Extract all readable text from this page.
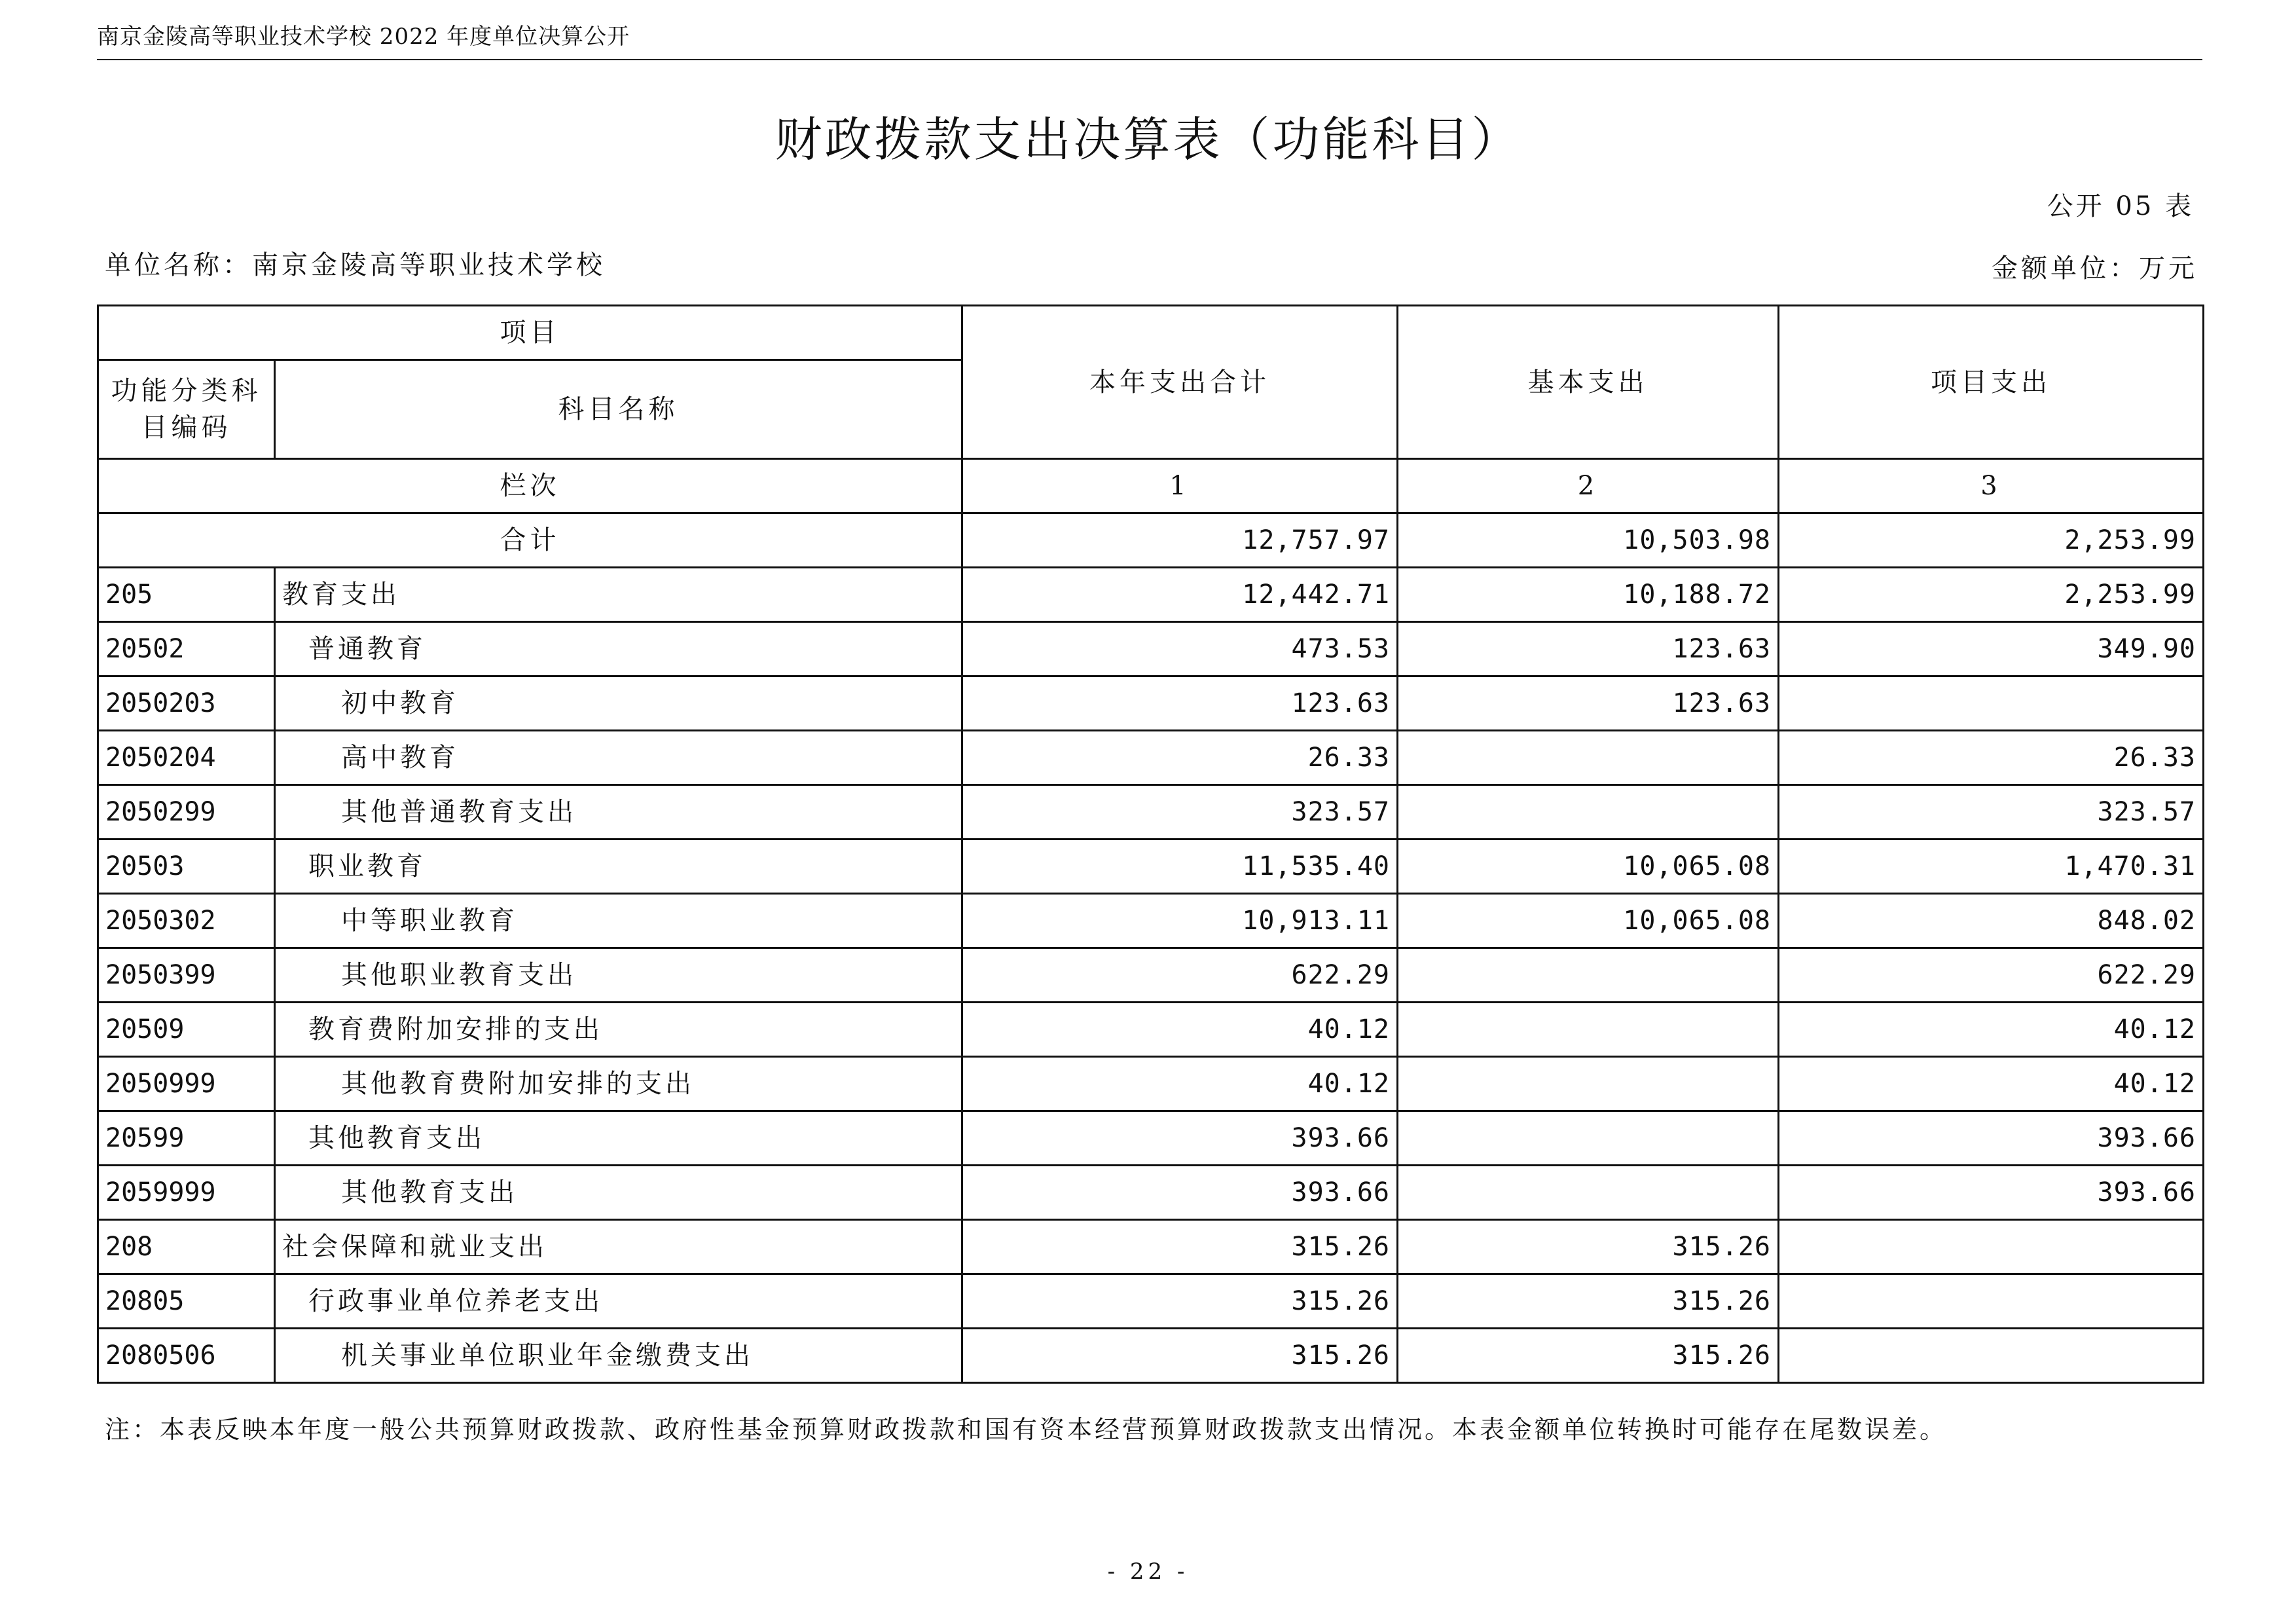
南京金陵高等职业技术学校 2022 年度单位决算公开
财政拨款支出决算表（功能科目）
公开 05 表
单位名称：南京金陵高等职业技术学校	金额单位：万元
项目		本年支出合计	基本支出	项目支出
功能分类科目编码	科目名称			
栏次		1	2	3
合计		12,757.97	10,503.98	2,253.99
205	教育支出	12,442.71	10,188.72	2,253.99
20502	普通教育	473.53	123.63	349.90
2050203	初中教育	123.63	123.63	
2050204	高中教育	26.33		26.33
2050299	其他普通教育支出	323.57		323.57
20503	职业教育	11,535.40	10,065.08	1,470.31
2050302	中等职业教育	10,913.11	10,065.08	848.02
2050399	其他职业教育支出	622.29		622.29
20509	教育费附加安排的支出	40.12		40.12
2050999	其他教育费附加安排的支出	40.12		40.12
20599	其他教育支出	393.66		393.66
2059999	其他教育支出	393.66		393.66
208	社会保障和就业支出	315.26	315.26	
20805	行政事业单位养老支出	315.26	315.26	
2080506	机关事业单位职业年金缴费支出	315.26	315.26	
注：本表反映本年度一般公共预算财政拨款、政府性基金预算财政拨款和国有资本经营预算财政拨款支出情况。本表金额单位转换时可能存在尾数误差。
- 22 -
